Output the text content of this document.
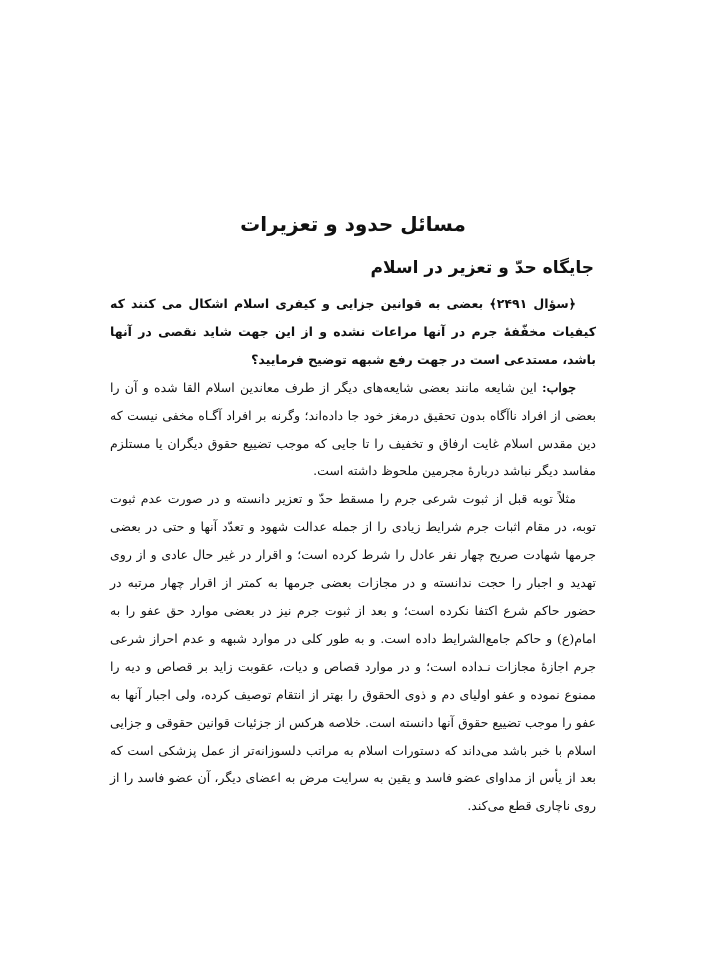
مسائل حدود و تعزیرات
جایگاه حدّ و تعزیر در اسلام

﴿سؤال ۲۴۹۱﴾ بعضی به قوانین جزایی و کیفری اسلام اشکال می کنند که کیفیات مخفّفهٔ جرم در آنها مراعات نشده و از این جهت شاید نقصی در آنها باشد، مستدعی است در جهت رفع شبهه توضیح فرمایید؟

جواب: این شایعه مانند بعضی شایعه‌های دیگر از طرف معاندین اسلام القا شده و آن را بعضی از افراد ناآگاه بدون تحقیق درمغز خود جا داده‌اند؛ وگرنه بر افراد آگـاه مخفی نیست که دین مقدس اسلام غایت ارفاق و تخفیف را تا جایی که موجب تضییع حقوق دیگران یا مستلزم مفاسد دیگر نباشد دربارهٔ مجرمین ملحوظ داشته است.

مثلاً توبه قبل از ثبوت شرعی جرم را مسقط حدّ و تعزیر دانسته و در صورت عدم ثبوت توبه، در مقام اثبات جرم شرایط زیادی را از جمله عدالت شهود و تعدّد آنها و حتی در بعضی جرمها شهادت صریح چهار نفر عادل را شرط کرده است؛ و اقرار در غیر حال عادی و از روی تهدید و اجبار را حجت ندانسته و در مجازات بعضی جرمها به کمتر از اقرار چهار مرتبه در حضور حاکم شرع اکتفا نکرده است؛ و بعد از ثبوت جرم نیز در بعضی موارد حق عفو را به امام(ع) و حاکم جامع‌الشرایط داده است. و به طور کلی در موارد شبهه و عدم احراز شرعی جرم اجازهٔ مجازات نـداده است؛ و در موارد قصاص و دیات، عقوبت زاید بر قصاص و دیه را ممنوع نموده و عفو اولیای دم و ذوی الحقوق را بهتر از انتقام توصیف کرده، ولی اجبار آنها به عفو را موجب تضییع حقوق آنها دانسته است. خلاصه هرکس از جزئیات قوانین حقوقی و جزایی اسلام با خبر باشد می‌داند که دستورات اسلام به مراتب دلسوزانه‌تر از عمل پزشکی است که بعد از یأس از مداوای عضو فاسد و یقین به سرایت مرض به اعضای دیگر، آن عضو فاسد را از روی ناچاری قطع می‌کند.
